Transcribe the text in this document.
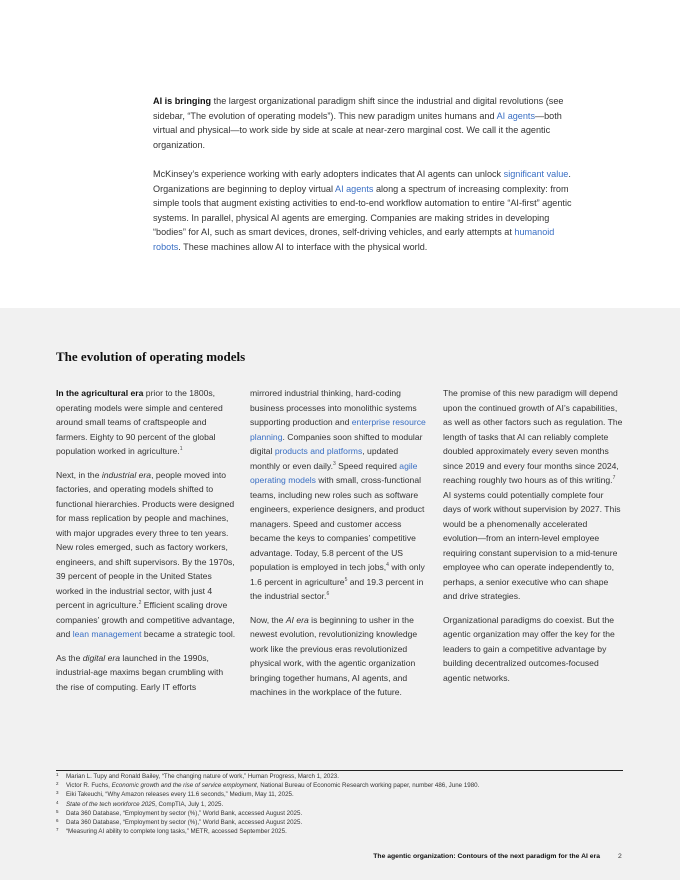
AI is bringing the largest organizational paradigm shift since the industrial and digital revolutions (see sidebar, “The evolution of operating models”). This new paradigm unites humans and AI agents—both virtual and physical—to work side by side at scale at near-zero marginal cost. We call it the agentic organization.

McKinsey’s experience working with early adopters indicates that AI agents can unlock significant value. Organizations are beginning to deploy virtual AI agents along a spectrum of increasing complexity: from simple tools that augment existing activities to end-to-end workflow automation to entire “AI-first” agentic systems. In parallel, physical AI agents are emerging. Companies are making strides in developing “bodies” for AI, such as smart devices, drones, self-driving vehicles, and early attempts at humanoid robots. These machines allow AI to interface with the physical world.

The evolution of operating models

In the agricultural era prior to the 1800s, operating models were simple and centered around small teams of craftspeople and farmers. Eighty to 90 percent of the global population worked in agriculture.$^1$

Next, in the industrial era, people moved into factories, and operating models shifted to functional hierarchies. Products were designed for mass replication by people and machines, with major upgrades every three to ten years. New roles emerged, such as factory workers, engineers, and shift supervisors. By the 1970s, 39 percent of people in the United States worked in the industrial sector, with just 4 percent in agriculture.$^2$ Efficient scaling drove companies’ growth and competitive advantage, and lean management became a strategic tool.

As the digital era launched in the 1990s, industrial-age maxims began crumbling with the rise of computing. Early IT efforts

mirrored industrial thinking, hard-coding business processes into monolithic systems supporting production and enterprise resource planning. Companies soon shifted to modular digital products and platforms, updated monthly or even daily.$^3$ Speed required agile operating models with small, cross-functional teams, including new roles such as software engineers, experience designers, and product managers. Speed and customer access became the keys to companies’ competitive advantage. Today, 5.8 percent of the US population is employed in tech jobs,$^4$ with only 1.6 percent in agriculture$^5$ and 19.3 percent in the industrial sector.$^6$

Now, the AI era is beginning to usher in the newest evolution, revolutionizing knowledge work like the previous eras revolutionized physical work, with the agentic organization bringing together humans, AI agents, and machines in the workplace of the future.

The promise of this new paradigm will depend upon the continued growth of AI’s capabilities, as well as other factors such as regulation. The length of tasks that AI can reliably complete doubled approximately every seven months since 2019 and every four months since 2024, reaching roughly two hours as of this writing.$^7$ AI systems could potentially complete four days of work without supervision by 2027. This would be a phenomenally accelerated evolution—from an intern-level employee requiring constant supervision to a mid-tenure employee who can operate independently to, perhaps, a senior executive who can shape and drive strategies.

Organizational paradigms do coexist. But the agentic organization may offer the key for the leaders to gain a competitive advantage by building decentralized outcomes-focused agentic networks.

1 Marian L. Tupy and Ronald Bailey, “The changing nature of work,” Human Progress, March 1, 2023.
2 Victor R. Fuchs, Economic growth and the rise of service employment, National Bureau of Economic Research working paper, number 486, June 1980.
3 Eiki Takeuchi, “Why Amazon releases every 11.6 seconds,” Medium, May 11, 2025.
4 State of the tech workforce 2025, CompTIA, July 1, 2025.
5 Data 360 Database, “Employment by sector (%),” World Bank, accessed August 2025.
6 Data 360 Database, “Employment by sector (%),” World Bank, accessed August 2025.
7 “Measuring AI ability to complete long tasks,” METR, accessed September 2025.
The agentic organization: Contours of the next paradigm for the AI era	2
